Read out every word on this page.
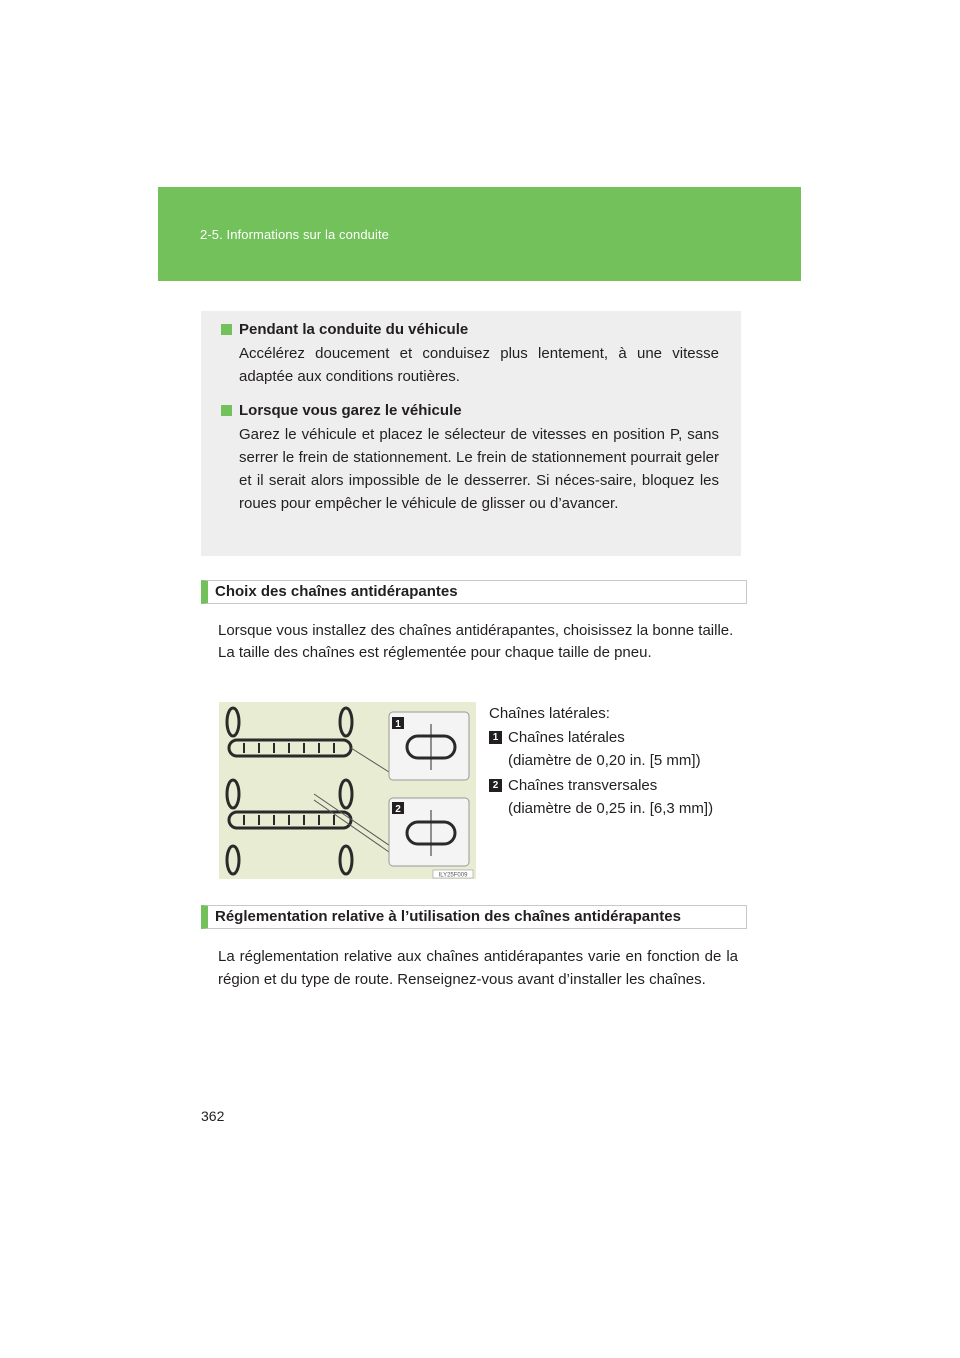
2-5. Informations sur la conduite
Pendant la conduite du véhicule
Accélérez doucement et conduisez plus lentement, à une vitesse adaptée aux conditions routières.
Lorsque vous garez le véhicule
Garez le véhicule et placez le sélecteur de vitesses en position P, sans serrer le frein de stationnement. Le frein de stationnement pourrait geler et il serait alors impossible de le desserrer. Si néces-saire, bloquez les roues pour empêcher le véhicule de glisser ou d’avancer.
Choix des chaînes antidérapantes
Lorsque vous installez des chaînes antidérapantes, choisissez la bonne taille.
La taille des chaînes est réglementée pour chaque taille de pneu.
1
2
ILY25F009
Chaînes latérales:
1 Chaînes latérales
(diamètre de 0,20 in. [5 mm])
2 Chaînes transversales
(diamètre de 0,25 in. [6,3 mm])
Réglementation relative à l’utilisation des chaînes antidérapantes
La réglementation relative aux chaînes antidérapantes varie en fonction de la région et du type de route. Renseignez-vous avant d’installer les chaînes.
362
